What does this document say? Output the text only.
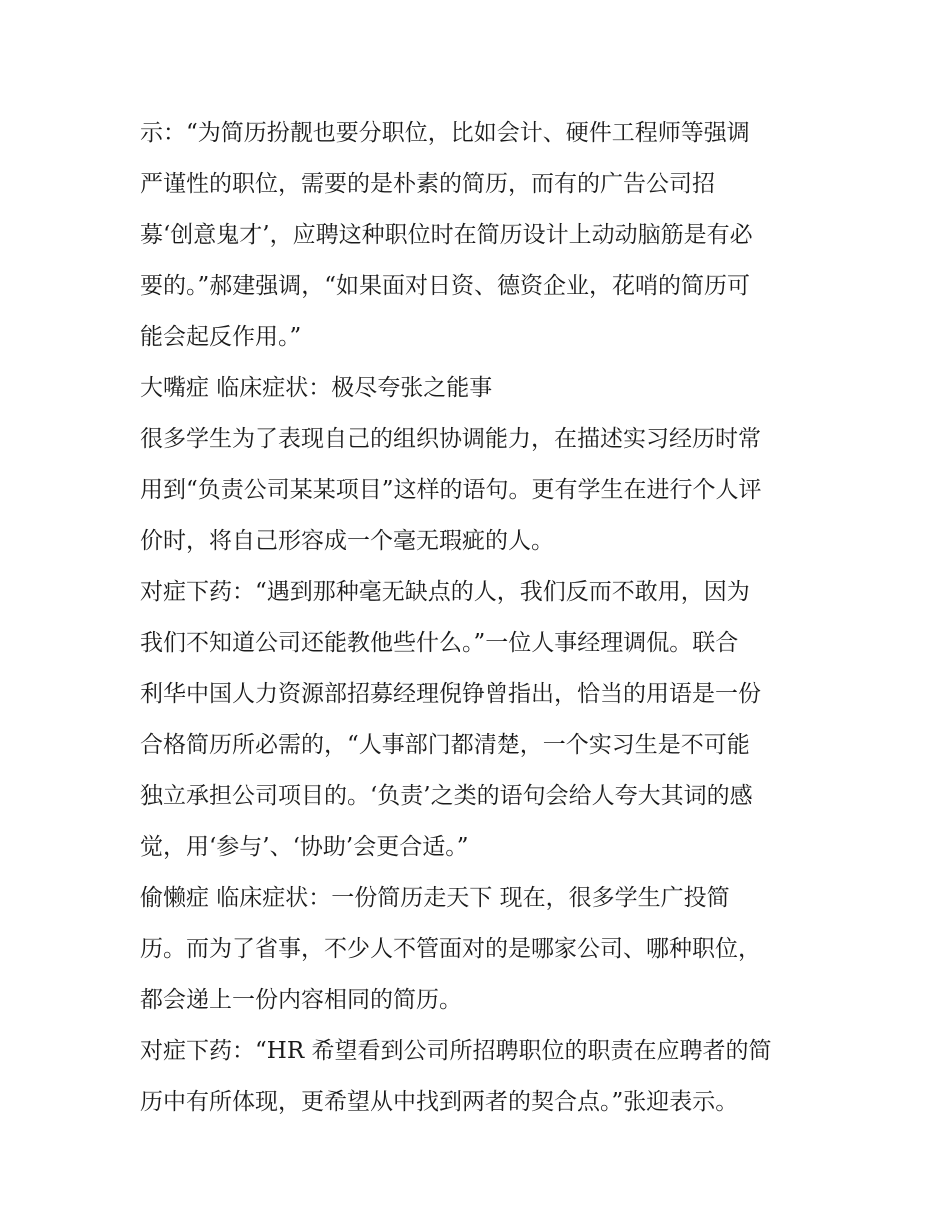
示：“为简历扮靓也要分职位，比如会计、硬件工程师等强调
严谨性的职位，需要的是朴素的简历，而有的广告公司招
募‘创意鬼才’，应聘这种职位时在简历设计上动动脑筋是有必
要的。”郝建强调，“如果面对日资、德资企业，花哨的简历可
能会起反作用。”

大嘴症 临床症状：极尽夸张之能事

很多学生为了表现自己的组织协调能力，在描述实习经历时常
用到“负责公司某某项目”这样的语句。更有学生在进行个人评
价时，将自己形容成一个毫无瑕疵的人。

对症下药：“遇到那种毫无缺点的人，我们反而不敢用，因为
我们不知道公司还能教他些什么。”一位人事经理调侃。联合
利华中国人力资源部招募经理倪铮曾指出，恰当的用语是一份
合格简历所必需的，“人事部门都清楚，一个实习生是不可能
独立承担公司项目的。‘负责’之类的语句会给人夸大其词的感
觉，用‘参与’、‘协助’会更合适。”

偷懒症 临床症状：一份简历走天下 现在，很多学生广投简
历。而为了省事，不少人不管面对的是哪家公司、哪种职位，
都会递上一份内容相同的简历。

对症下药：“HR 希望看到公司所招聘职位的职责在应聘者的简
历中有所体现，更希望从中找到两者的契合点。”张迎表示。
